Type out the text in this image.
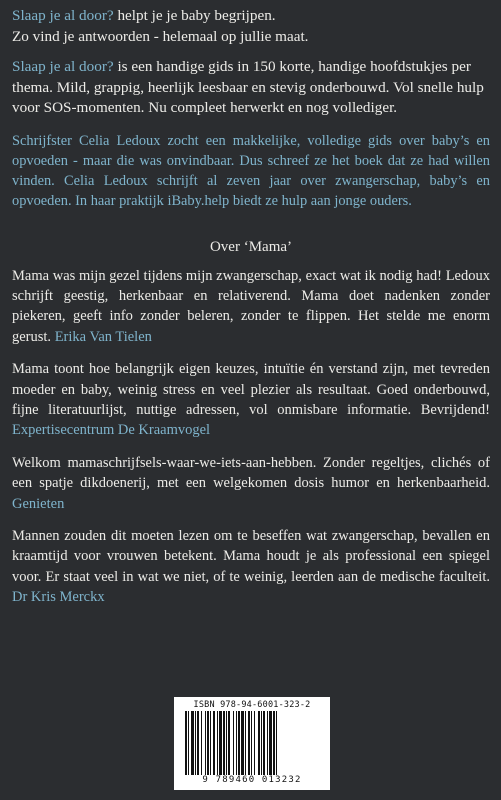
Slaap je al door? helpt je je baby begrijpen.
Zo vind je antwoorden - helemaal op jullie maat.

Slaap je al door? is een handige gids in 150 korte, handige hoofdstukjes per thema. Mild, grappig, heerlijk leesbaar en stevig onderbouwd. Vol snelle hulp voor SOS-momenten. Nu compleet herwerkt en nog vollediger.

Schrijfster Celia Ledoux zocht een makkelijke, volledige gids over baby’s en opvoeden - maar die was onvindbaar. Dus schreef ze het boek dat ze had willen vinden. Celia Ledoux schrijft al zeven jaar over zwangerschap, baby’s en opvoeden. In haar praktijk iBaby.help biedt ze hulp aan jonge ouders.

Over ‘Mama’

Mama was mijn gezel tijdens mijn zwangerschap, exact wat ik nodig had! Ledoux schrijft geestig, herkenbaar en relativerend. Mama doet nadenken zonder piekeren, geeft info zonder beleren, zonder te flippen. Het stelde me enorm gerust. Erika Van Tielen

Mama toont hoe belangrijk eigen keuzes, intuïtie én verstand zijn, met tevreden moeder en baby, weinig stress en veel plezier als resultaat. Goed onderbouwd, fijne literatuurlijst, nuttige adressen, vol onmisbare informatie. Bevrijdend! Expertisecentrum De Kraamvogel

Welkom mamaschrijfsels-waar-we-iets-aan-hebben. Zonder regeltjes, clichés of een spatje dikdoenerij, met een welgekomen dosis humor en herkenbaarheid. Genieten

Mannen zouden dit moeten lezen om te beseffen wat zwangerschap, bevallen en kraamtijd voor vrouwen betekent. Mama houdt je als professional een spiegel voor. Er staat veel in wat we niet, of te weinig, leerden aan de medische faculteit. Dr Kris Merckx

ISBN 978-94-6001-323-2
9 789460 013232
